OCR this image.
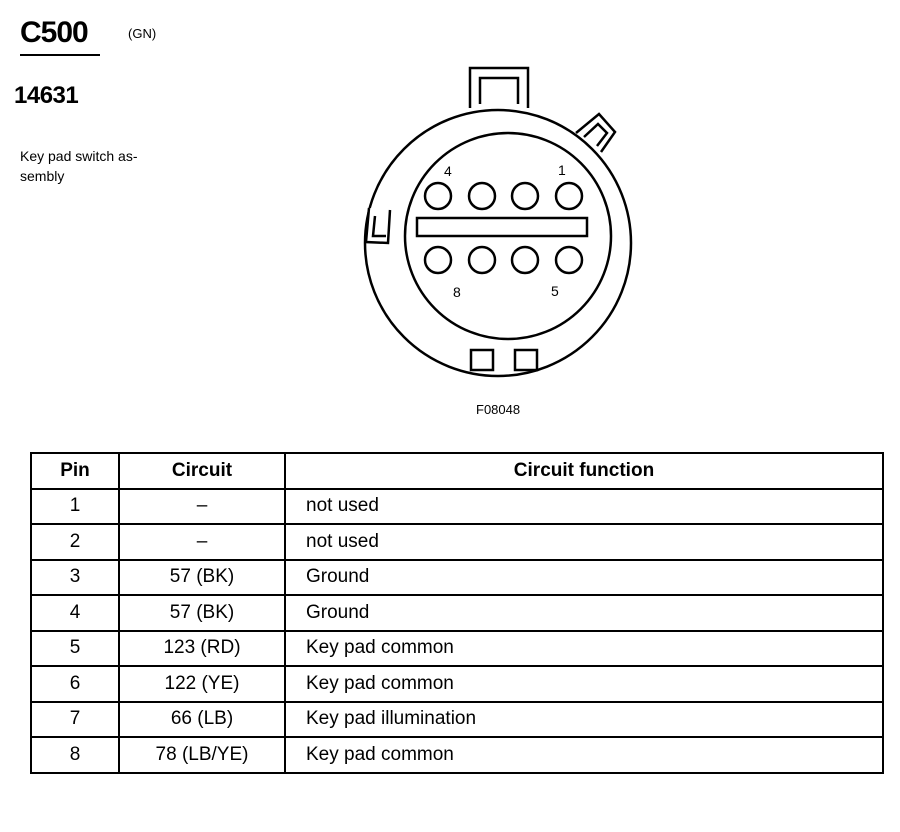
C500	(GN)
14631
Key pad switch as-
sembly	4	1
8	5
F08048
Pin	Circuit	Circuit function
1	–	not used
2	–	not used
3	57 (BK)	Ground
4	57 (BK)	Ground
5	123 (RD)	Key pad common
6	122 (YE)	Key pad common
7	66 (LB)	Key pad illumination
8	78 (LB/YE)	Key pad common
